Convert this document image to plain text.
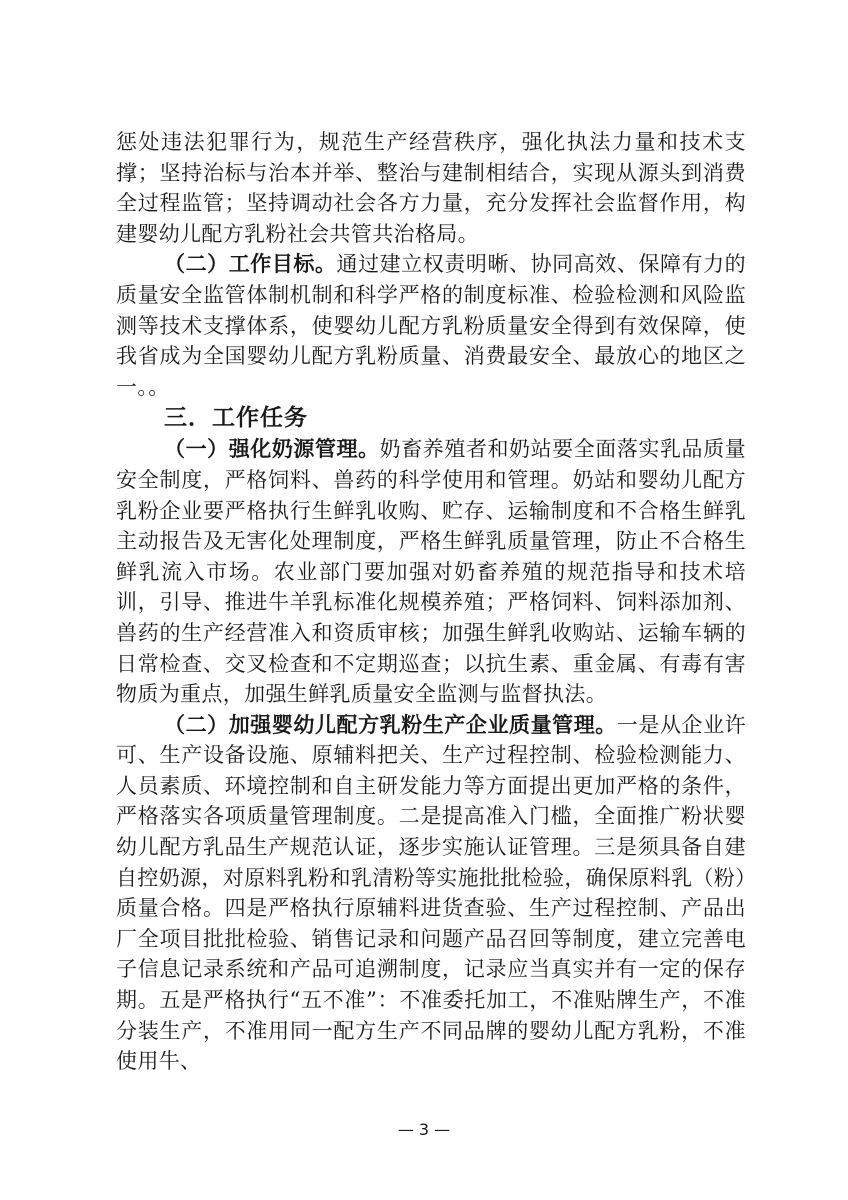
惩处违法犯罪行为，规范生产经营秩序，强化执法力量和技术支撑；坚持治标与治本并举、整治与建制相结合，实现从源头到消费全过程监管；坚持调动社会各方力量，充分发挥社会监督作用，构建婴幼儿配方乳粉社会共管共治格局。

（二）工作目标。通过建立权责明晰、协同高效、保障有力的质量安全监管体制机制和科学严格的制度标准、检验检测和风险监测等技术支撑体系，使婴幼儿配方乳粉质量安全得到有效保障，使我省成为全国婴幼儿配方乳粉质量、消费最安全、最放心的地区之一。。

三．工作任务

（一）强化奶源管理。奶畜养殖者和奶站要全面落实乳品质量安全制度，严格饲料、兽药的科学使用和管理。奶站和婴幼儿配方乳粉企业要严格执行生鲜乳收购、贮存、运输制度和不合格生鲜乳主动报告及无害化处理制度，严格生鲜乳质量管理，防止不合格生鲜乳流入市场。农业部门要加强对奶畜养殖的规范指导和技术培训，引导、推进牛羊乳标准化规模养殖；严格饲料、饲料添加剂、兽药的生产经营准入和资质审核；加强生鲜乳收购站、运输车辆的日常检查、交叉检查和不定期巡查；以抗生素、重金属、有毒有害物质为重点，加强生鲜乳质量安全监测与监督执法。

（二）加强婴幼儿配方乳粉生产企业质量管理。一是从企业许可、生产设备设施、原辅料把关、生产过程控制、检验检测能力、人员素质、环境控制和自主研发能力等方面提出更加严格的条件，严格落实各项质量管理制度。二是提高准入门槛，全面推广粉状婴幼儿配方乳品生产规范认证，逐步实施认证管理。三是须具备自建自控奶源，对原料乳粉和乳清粉等实施批批检验，确保原料乳（粉）质量合格。四是严格执行原辅料进货查验、生产过程控制、产品出厂全项目批批检验、销售记录和问题产品召回等制度，建立完善电子信息记录系统和产品可追溯制度，记录应当真实并有一定的保存期。五是严格执行“五不准”：不准委托加工，不准贴牌生产，不准分装生产，不准用同一配方生产不同品牌的婴幼儿配方乳粉，不准使用牛、

— 3 —
